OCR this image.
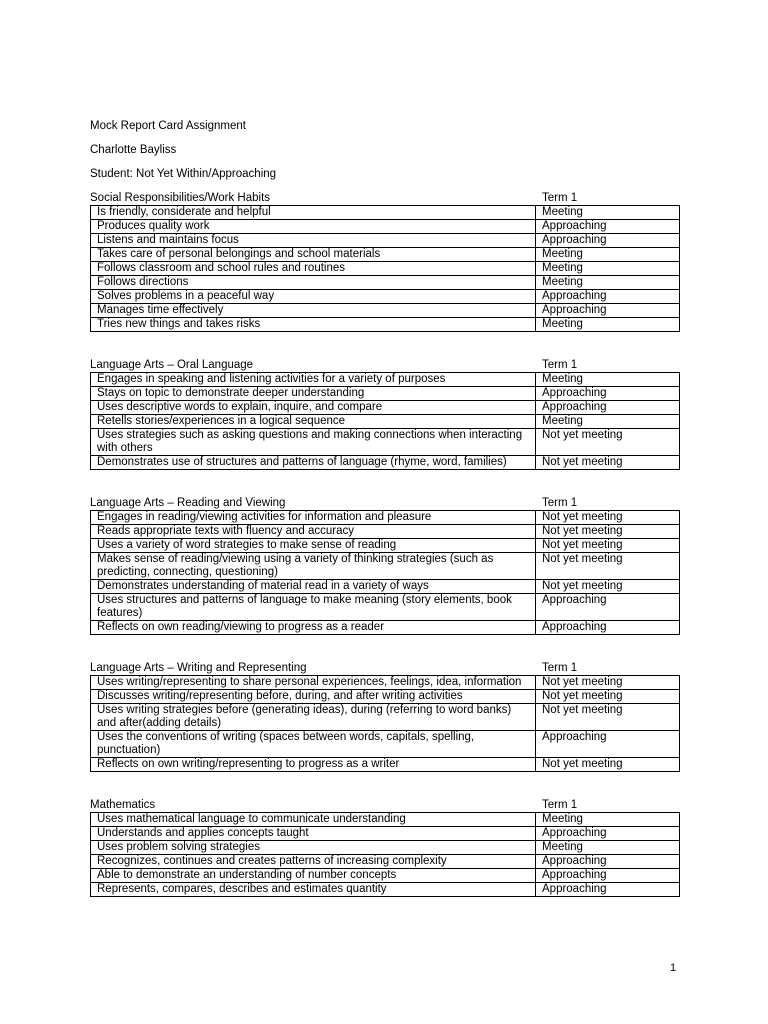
Mock Report Card Assignment

Charlotte Bayliss

Student: Not Yet Within/Approaching

Social Responsibilities/Work Habits	Term 1
Is friendly, considerate and helpful	Meeting
Produces quality work	Approaching
Listens and maintains focus	Approaching
Takes care of personal belongings and school materials	Meeting
Follows classroom and school rules and routines	Meeting
Follows directions	Meeting
Solves problems in a peaceful way	Approaching
Manages time effectively	Approaching
Tries new things and takes risks	Meeting
Language Arts – Oral Language	Term 1
Engages in speaking and listening activities for a variety of purposes	Meeting
Stays on topic to demonstrate deeper understanding	Approaching
Uses descriptive words to explain, inquire, and compare	Approaching
Retells stories/experiences in a logical sequence	Meeting
Uses strategies such as asking questions and making connections when interacting with others	Not yet meeting
Demonstrates use of structures and patterns of language (rhyme, word, families)	Not yet meeting
Language Arts – Reading and Viewing	Term 1
Engages in reading/viewing activities for information and pleasure	Not yet meeting
Reads appropriate texts with fluency and accuracy	Not yet meeting
Uses a variety of word strategies to make sense of reading	Not yet meeting
Makes sense of reading/viewing using a variety of thinking strategies (such as predicting, connecting, questioning)	Not yet meeting
Demonstrates understanding of material read in a variety of ways	Not yet meeting
Uses structures and patterns of language to make meaning (story elements, book features)	Approaching
Reflects on own reading/viewing to progress as a reader	Approaching
Language Arts – Writing and Representing	Term 1
Uses writing/representing to share personal experiences, feelings, idea, information	Not yet meeting
Discusses writing/representing before, during, and after writing activities	Not yet meeting
Uses writing strategies before (generating ideas), during (referring to word banks) and after(adding details)	Not yet meeting
Uses the conventions of writing (spaces between words, capitals, spelling, punctuation)	Approaching
Reflects on own writing/representing to progress as a writer	Not yet meeting
Mathematics	Term 1
Uses mathematical language to communicate understanding	Meeting
Understands and applies concepts taught	Approaching
Uses problem solving strategies	Meeting
Recognizes, continues and creates patterns of increasing complexity	Approaching
Able to demonstrate an understanding of number concepts	Approaching
Represents, compares, describes and estimates quantity	Approaching
1
